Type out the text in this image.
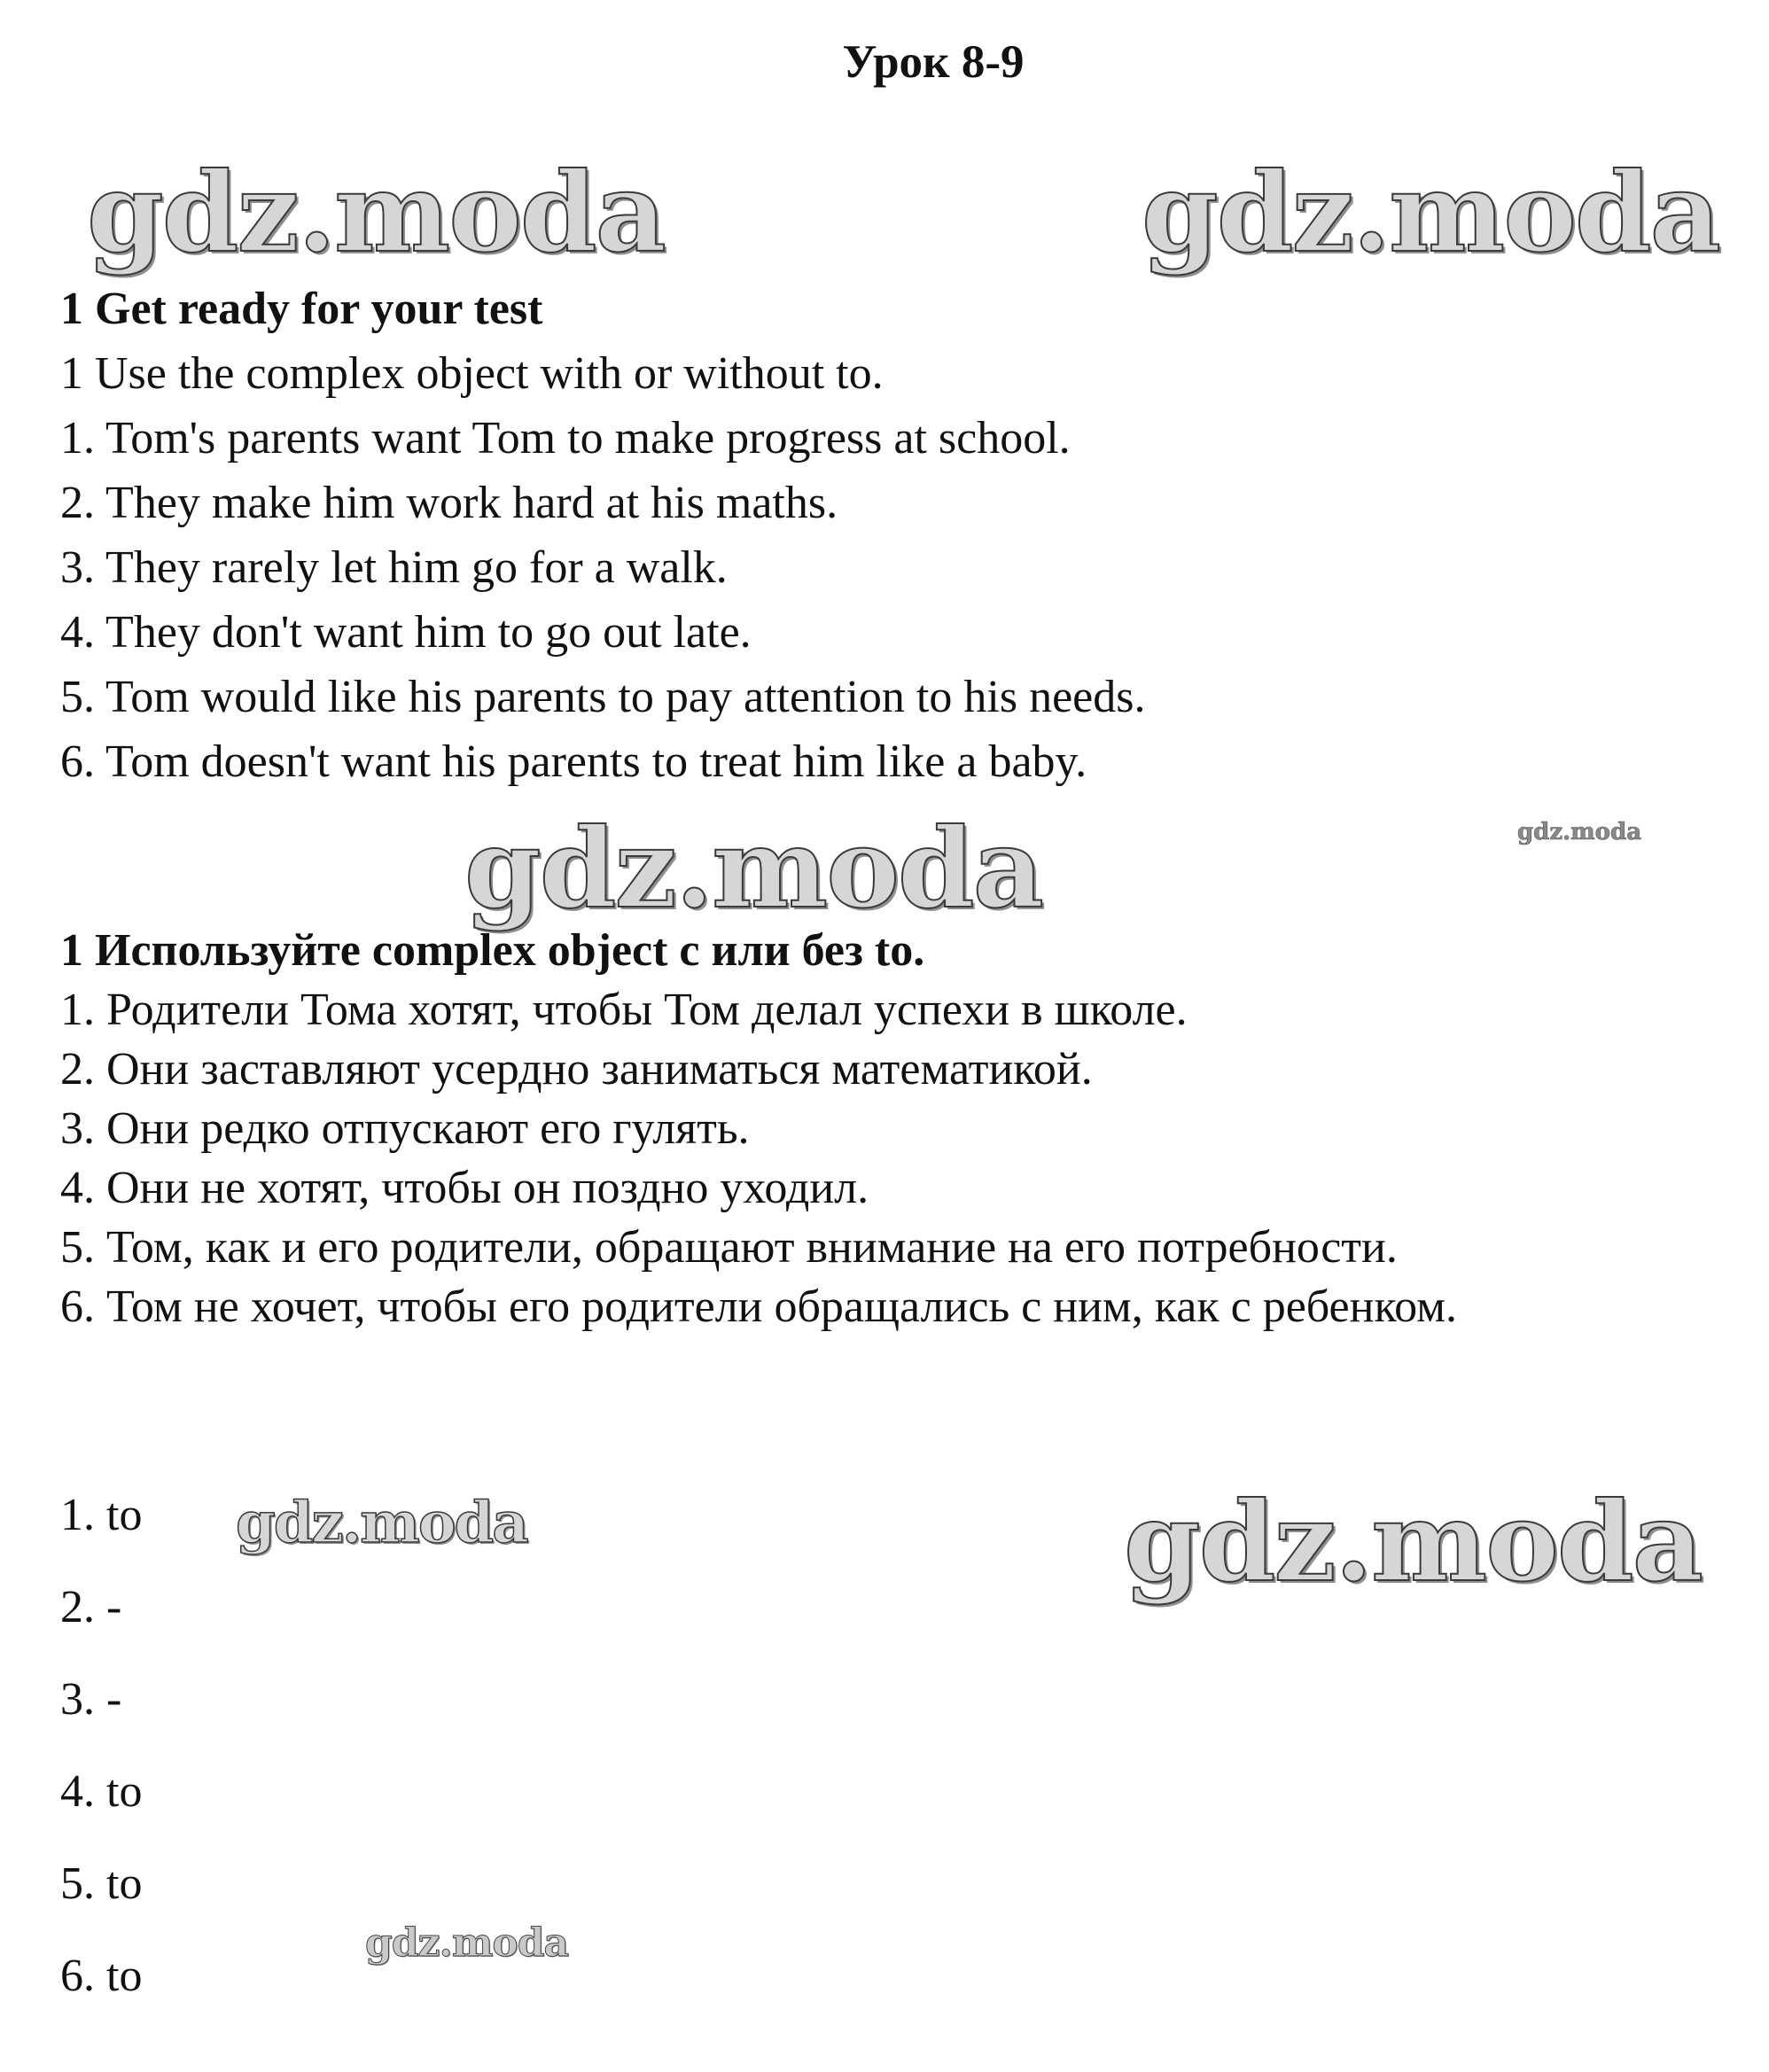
Урок 8-9
gdz.moda	gdz.moda
gdz.moda	gdz.moda
gdz.moda	gdz.moda
gdz.moda

1 Get ready for your test

1 Use the complex object with or without to.

1. Tom's parents want Tom to make progress at school.

2. They make him work hard at his maths.

3. They rarely let him go for a walk.

4. They don't want him to go out late.

5. Tom would like his parents to pay attention to his needs.

6. Tom doesn't want his parents to treat him like a baby.

1 Используйте complex object с или без to.

1. Родители Тома хотят, чтобы Том делал успехи в школе.

2. Они заставляют усердно заниматься математикой.

3. Они редко отпускают его гулять.

4. Они не хотят, чтобы он поздно уходил.

5. Том, как и его родители, обращают внимание на его потребности.

6. Том не хочет, чтобы его родители обращались с ним, как с ребенком.

1. to
2. -
3. -
4. to
5. to
6. to
